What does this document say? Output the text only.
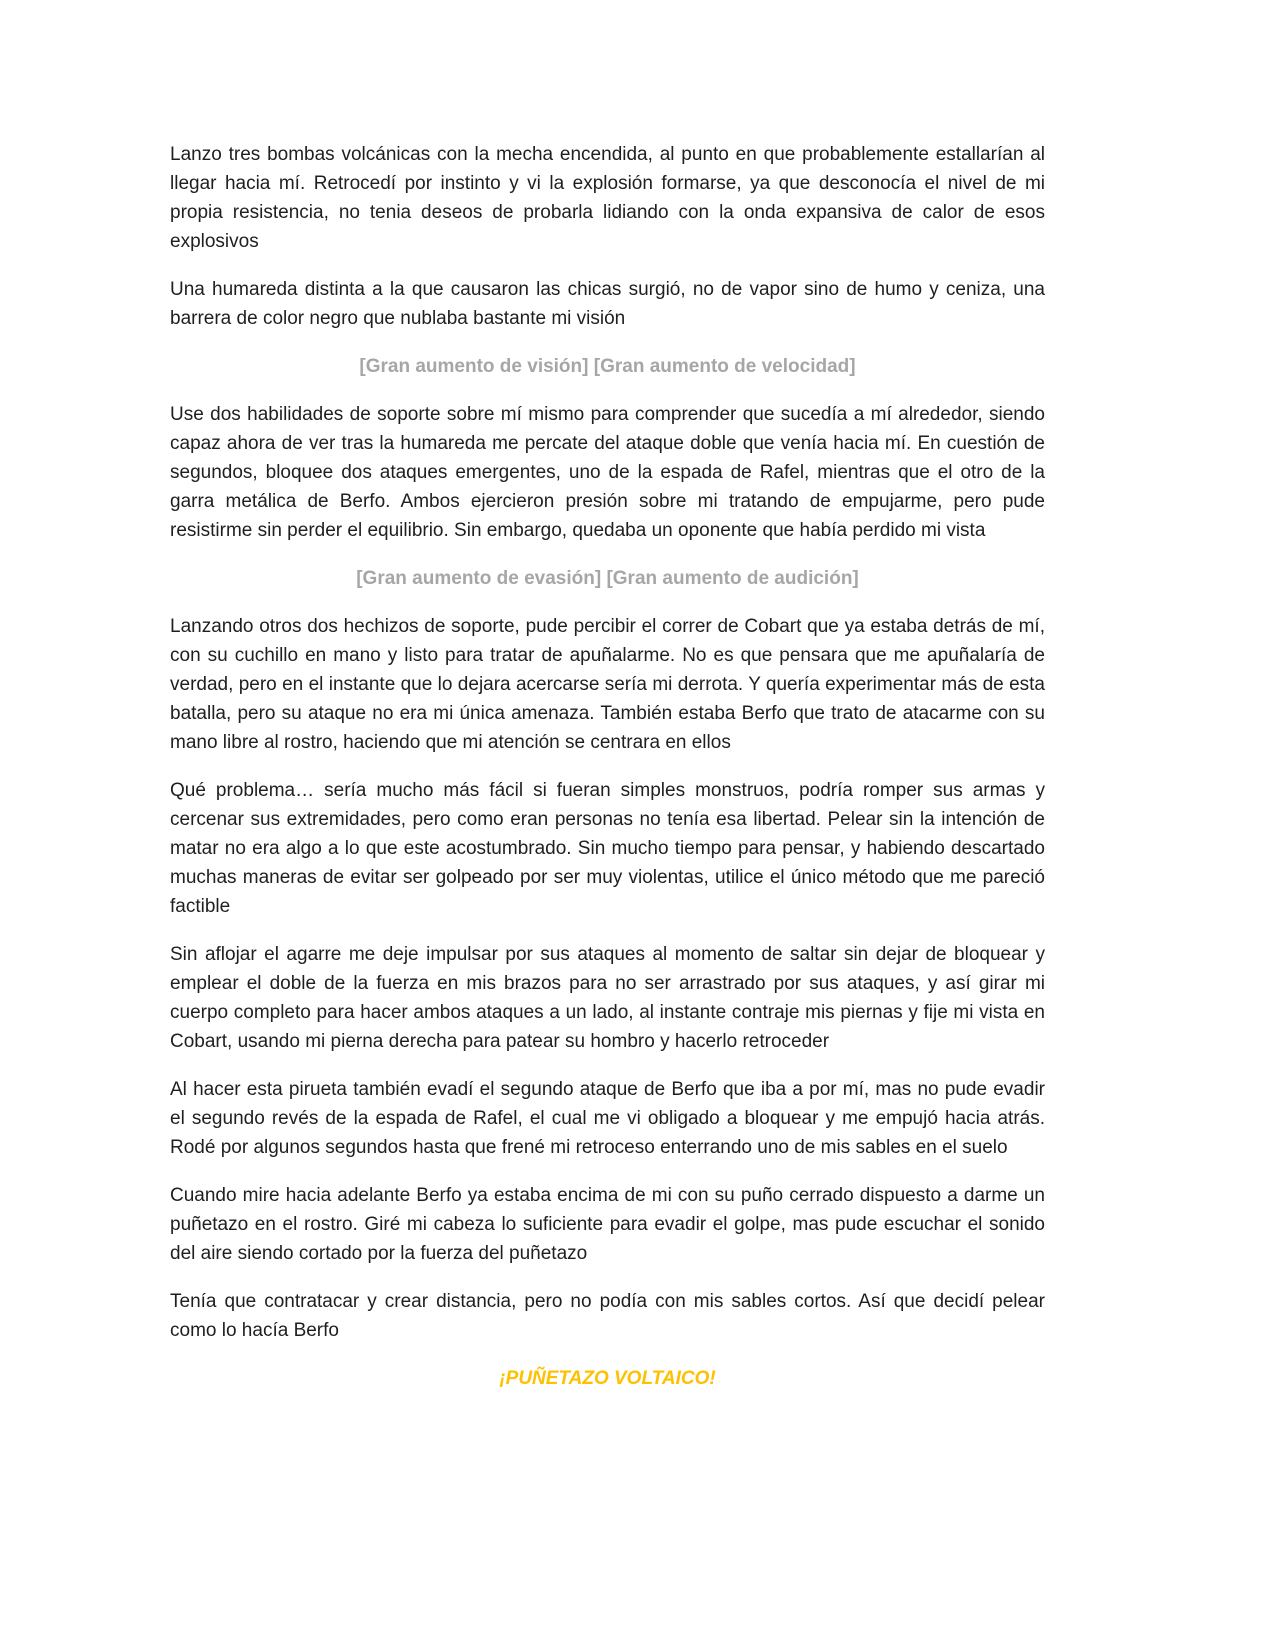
Lanzo tres bombas volcánicas con la mecha encendida, al punto en que probablemente estallarían al llegar hacia mí. Retrocedí por instinto y vi la explosión formarse, ya que desconocía el nivel de mi propia resistencia, no tenia deseos de probarla lidiando con la onda expansiva de calor de esos explosivos

Una humareda distinta a la que causaron las chicas surgió, no de vapor sino de humo y ceniza, una barrera de color negro que nublaba bastante mi visión

[Gran aumento de visión] [Gran aumento de velocidad]

Use dos habilidades de soporte sobre mí mismo para comprender que sucedía a mí alrededor, siendo capaz ahora de ver tras la humareda me percate del ataque doble que venía hacia mí. En cuestión de segundos, bloquee dos ataques emergentes, uno de la espada de Rafel, mientras que el otro de la garra metálica de Berfo. Ambos ejercieron presión sobre mi tratando de empujarme, pero pude resistirme sin perder el equilibrio. Sin embargo, quedaba un oponente que había perdido mi vista

[Gran aumento de evasión] [Gran aumento de audición]

Lanzando otros dos hechizos de soporte, pude percibir el correr de Cobart que ya estaba detrás de mí, con su cuchillo en mano y listo para tratar de apuñalarme. No es que pensara que me apuñalaría de verdad, pero en el instante que lo dejara acercarse sería mi derrota. Y quería experimentar más de esta batalla, pero su ataque no era mi única amenaza. También estaba Berfo que trato de atacarme con su mano libre al rostro, haciendo que mi atención se centrara en ellos

Qué problema… sería mucho más fácil si fueran simples monstruos, podría romper sus armas y cercenar sus extremidades, pero como eran personas no tenía esa libertad. Pelear sin la intención de matar no era algo a lo que este acostumbrado. Sin mucho tiempo para pensar, y habiendo descartado muchas maneras de evitar ser golpeado por ser muy violentas, utilice el único método que me pareció factible

Sin aflojar el agarre me deje impulsar por sus ataques al momento de saltar sin dejar de bloquear y emplear el doble de la fuerza en mis brazos para no ser arrastrado por sus ataques, y así girar mi cuerpo completo para hacer ambos ataques a un lado, al instante contraje mis piernas y fije mi vista en Cobart, usando mi pierna derecha para patear su hombro y hacerlo retroceder

Al hacer esta pirueta también evadí el segundo ataque de Berfo que iba a por mí, mas no pude evadir el segundo revés de la espada de Rafel, el cual me vi obligado a bloquear y me empujó hacia atrás. Rodé por algunos segundos hasta que frené mi retroceso enterrando uno de mis sables en el suelo

Cuando mire hacia adelante Berfo ya estaba encima de mi con su puño cerrado dispuesto a darme un puñetazo en el rostro. Giré mi cabeza lo suficiente para evadir el golpe, mas pude escuchar el sonido del aire siendo cortado por la fuerza del puñetazo

Tenía que contratacar y crear distancia, pero no podía con mis sables cortos. Así que decidí pelear como lo hacía Berfo

¡PUÑETAZO VOLTAICO!
